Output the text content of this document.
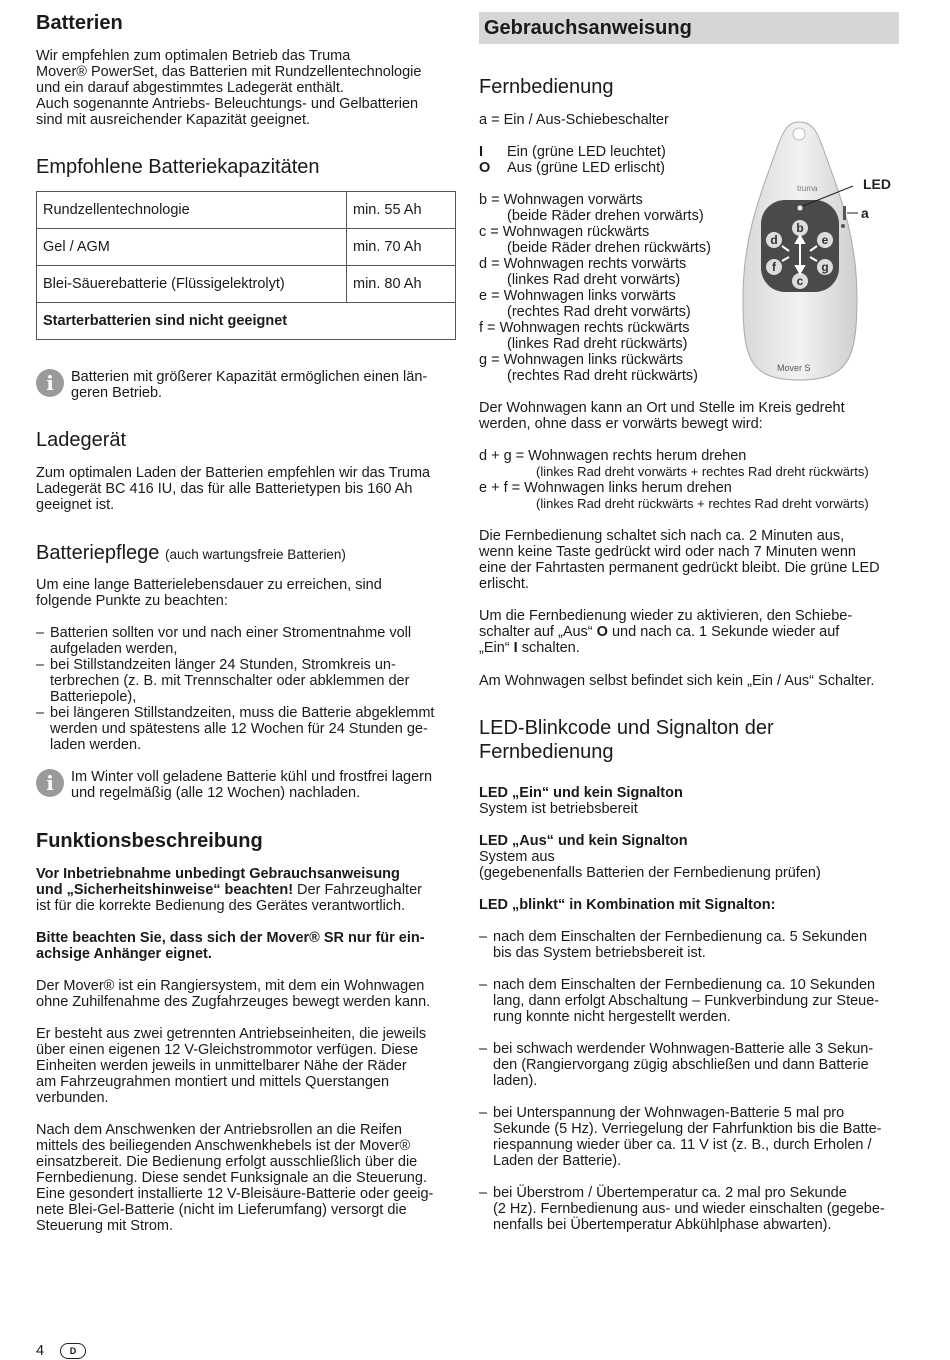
Batterien

Wir empfehlen zum optimalen Betrieb das Truma

Mover® PowerSet, das Batterien mit Rundzellentechnologie

und ein darauf abgestimmtes Ladegerät enthält.

Auch sogenannte Antriebs- Beleuchtungs- und Gelbatterien

sind mit ausreichender Kapazität geeignet.

Empfohlene Batteriekapazitäten
Rundzellentechnologie	min. 55 Ah
Gel / AGM	min. 70 Ah
Blei-Säuerebatterie (Flüssigelektrolyt)	min. 80 Ah
Starterbatterien sind nicht geeignet	
i	Batterien mit größerer Kapazität ermöglichen einen län-

geren Betrieb.

Ladegerät

Zum optimalen Laden der Batterien empfehlen wir das Truma

Ladegerät BC 416 IU, das für alle Batterietypen bis 160 Ah

geeignet ist.

Batteriepflege (auch wartungsfreie Batterien)

Um eine lange Batterielebensdauer zu erreichen, sind

folgende Punkte zu beachten:

– Batterien sollten vor und nach einer Stromentnahme voll

aufgeladen werden,

– bei Stillstandzeiten länger 24 Stunden, Stromkreis un-

terbrechen (z. B. mit Trennschalter oder abklemmen der

Batteriepole),

– bei längeren Stillstandzeiten, muss die Batterie abgeklemmt

werden und spätestens alle 12 Wochen für 24 Stunden ge-

laden werden.

i	Im Winter voll geladene Batterie kühl und frostfrei lagern

und regelmäßig (alle 12 Wochen) nachladen.

Funktionsbeschreibung

Vor Inbetriebnahme unbedingt Gebrauchsanweisung

und „Sicherheitshinweise“ beachten! Der Fahrzeughalter

ist für die korrekte Bedienung des Gerätes verantwortlich.

Bitte beachten Sie, dass sich der Mover® SR nur für ein-

achsige Anhänger eignet.

Der Mover® ist ein Rangiersystem, mit dem ein Wohnwagen

ohne Zuhilfenahme des Zugfahrzeuges bewegt werden kann.

Er besteht aus zwei getrennten Antriebseinheiten, die jeweils

über einen eigenen 12 V-Gleichstrommotor verfügen. Diese

Einheiten werden jeweils in unmittelbarer Nähe der Räder

am Fahrzeugrahmen montiert und mittels Querstangen

verbunden.

Nach dem Anschwenken der Antriebsrollen an die Reifen

mittels des beiliegenden Anschwenkhebels ist der Mover®

einsatzbereit. Die Bedienung erfolgt ausschließlich über die

Fernbedienung. Diese sendet Funksignale an die Steuerung.

Eine gesondert installierte 12 V-Bleisäure-Batterie oder geeig-

nete Blei-Gel-Batterie (nicht im Lieferumfang) versorgt die

Steuerung mit Strom.

Gebrauchsanweisung
Fernbedienung

a = Ein / Aus-Schiebeschalter

I Ein (grüne LED leuchtet)

O Aus (grüne LED erlischt)

b = Wohnwagen vorwärts

(beide Räder drehen vorwärts)

c = Wohnwagen rückwärts

(beide Räder drehen rückwärts)

d = Wohnwagen rechts vorwärts

(linkes Rad dreht vorwärts)

e = Wohnwagen links vorwärts

(rechtes Rad dreht vorwärts)

f = Wohnwagen rechts rückwärts

(linkes Rad dreht rückwärts)

g = Wohnwagen links rückwärts

(rechtes Rad dreht rückwärts)

truma
b
c
d	e
f	g
Mover S
LED
a

Der Wohnwagen kann an Ort und Stelle im Kreis gedreht

werden, ohne dass er vorwärts bewegt wird:

d + g = Wohnwagen rechts herum drehen

(linkes Rad dreht vorwärts + rechtes Rad dreht rückwärts)

e + f = Wohnwagen links herum drehen

(linkes Rad dreht rückwärts + rechtes Rad dreht vorwärts)

Die Fernbedienung schaltet sich nach ca. 2 Minuten aus,

wenn keine Taste gedrückt wird oder nach 7 Minuten wenn

eine der Fahrtasten permanent gedrückt bleibt. Die grüne LED

erlischt.

Um die Fernbedienung wieder zu aktivieren, den Schiebe-

schalter auf „Aus“ O und nach ca. 1 Sekunde wieder auf

„Ein“ I schalten.

Am Wohnwagen selbst befindet sich kein „Ein / Aus“ Schalter.

LED-Blinkcode und Signalton der
Fernbedienung

LED „Ein“ und kein Signalton

System ist betriebsbereit

LED „Aus“ und kein Signalton

System aus

(gegebenenfalls Batterien der Fernbedienung prüfen)

LED „blinkt“ in Kombination mit Signalton:

– nach dem Einschalten der Fernbedienung ca. 5 Sekunden

bis das System betriebsbereit ist.

– nach dem Einschalten der Fernbedienung ca. 10 Sekunden

lang, dann erfolgt Abschaltung – Funkverbindung zur Steue-

rung konnte nicht hergestellt werden.

– bei schwach werdender Wohnwagen-Batterie alle 3 Sekun-

den (Rangiervorgang zügig abschließen und dann Batterie

laden).

– bei Unterspannung der Wohnwagen-Batterie 5 mal pro

Sekunde (5 Hz). Verriegelung der Fahrfunktion bis die Batte-

riespannung wieder über ca. 11 V ist (z. B., durch Erholen /

Laden der Batterie).

– bei Überstrom / Übertemperatur ca. 2 mal pro Sekunde

(2 Hz). Fernbedienung aus- und wieder einschalten (gegebe-

nenfalls bei Übertemperatur Abkühlphase abwarten).

4	D
